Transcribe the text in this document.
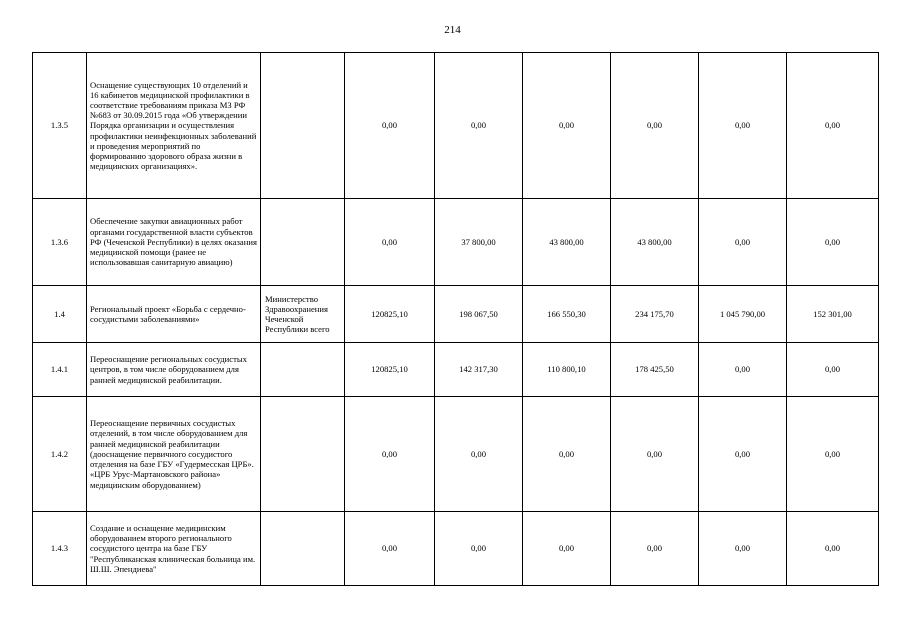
214
1.3.5	Оснащение существующих 10 отделений и 16 кабинетов медицинской профилактики в соответствие требованиям приказа МЗ РФ №683 от 30.09.2015 года «Об утверждении Порядка организации и осуществления профилактики неинфекционных заболеваний и проведения мероприятий по формированию здорового образа жизни в медицинских организациях».		0,00	0,00	0,00	0,00	0,00	0,00
1.3.6	Обеспечение закупки авиационных работ органами государственной власти субъектов РФ (Чеченской Республики) в целях оказания медицинской помощи (ранее не использовавшая санитарную авиацию)		0,00	37 800,00	43 800,00	43 800,00	0,00	0,00
1.4	Региональный проект «Борьба с сердечно-сосудистыми заболеваниями»	Министерство Здравоохранения Чеченской Республики всего	120825,10	198 067,50	166 550,30	234 175,70	1 045 790,00	152 301,00
1.4.1	Переоснащение региональных сосудистых центров, в том числе оборудованием для ранней медицинской реабилитации.		120825,10	142 317,30	110 800,10	178 425,50	0,00	0,00
1.4.2	Переоснащение первичных сосудистых отделений, в том числе оборудованием для ранней медицинской реабилитации (дооснащение первичного сосудистого отделения на базе ГБУ «Гудермесская ЦРБ». «ЦРБ Урус-Мартановского района» медицинским оборудованием)		0,00	0,00	0,00	0,00	0,00	0,00
1.4.3	Создание и оснащение медицинским оборудованием второго регионального сосудистого центра на базе ГБУ "Республиканская клиническая больница им. Ш.Ш. Эпендиева"		0,00	0,00	0,00	0,00	0,00	0,00
